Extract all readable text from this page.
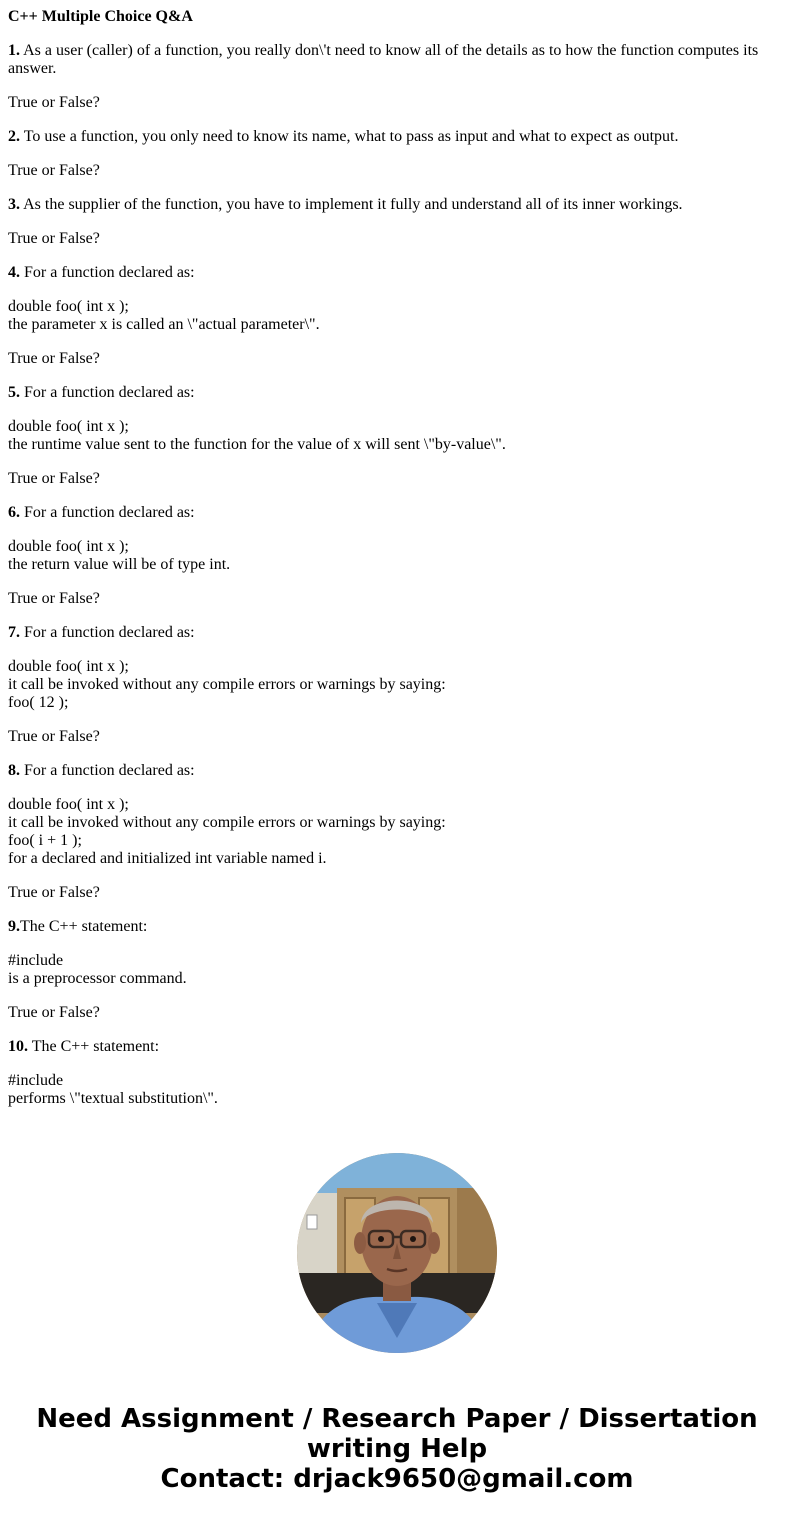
C++ Multiple Choice Q&A
1. As a user (caller) of a function, you really don\'t need to know all of the details as to how the function computes its answer.
True or False?
2. To use a function, you only need to know its name, what to pass as input and what to expect as output.
True or False?
3. As the supplier of the function, you have to implement it fully and understand all of its inner workings.
True or False?
4. For a function declared as:
double foo( int x );
the parameter x is called an \"actual parameter\".
True or False?
5. For a function declared as:
double foo( int x );
the runtime value sent to the function for the value of x will sent \"by-value\".
True or False?
6. For a function declared as:
double foo( int x );
the return value will be of type int.
True or False?
7. For a function declared as:
double foo( int x );
it call be invoked without any compile errors or warnings by saying:
foo( 12 );
True or False?
8. For a function declared as:
double foo( int x );
it call be invoked without any compile errors or warnings by saying:
foo( i + 1 );
for a declared and initialized int variable named i.
True or False?
9.The C++ statement:
#include
is a preprocessor command.
True or False?
10. The C++ statement:
#include
performs \"textual substitution\".
Need Assignment / Research Paper / Dissertation
writing Help
Contact: drjack9650@gmail.com
